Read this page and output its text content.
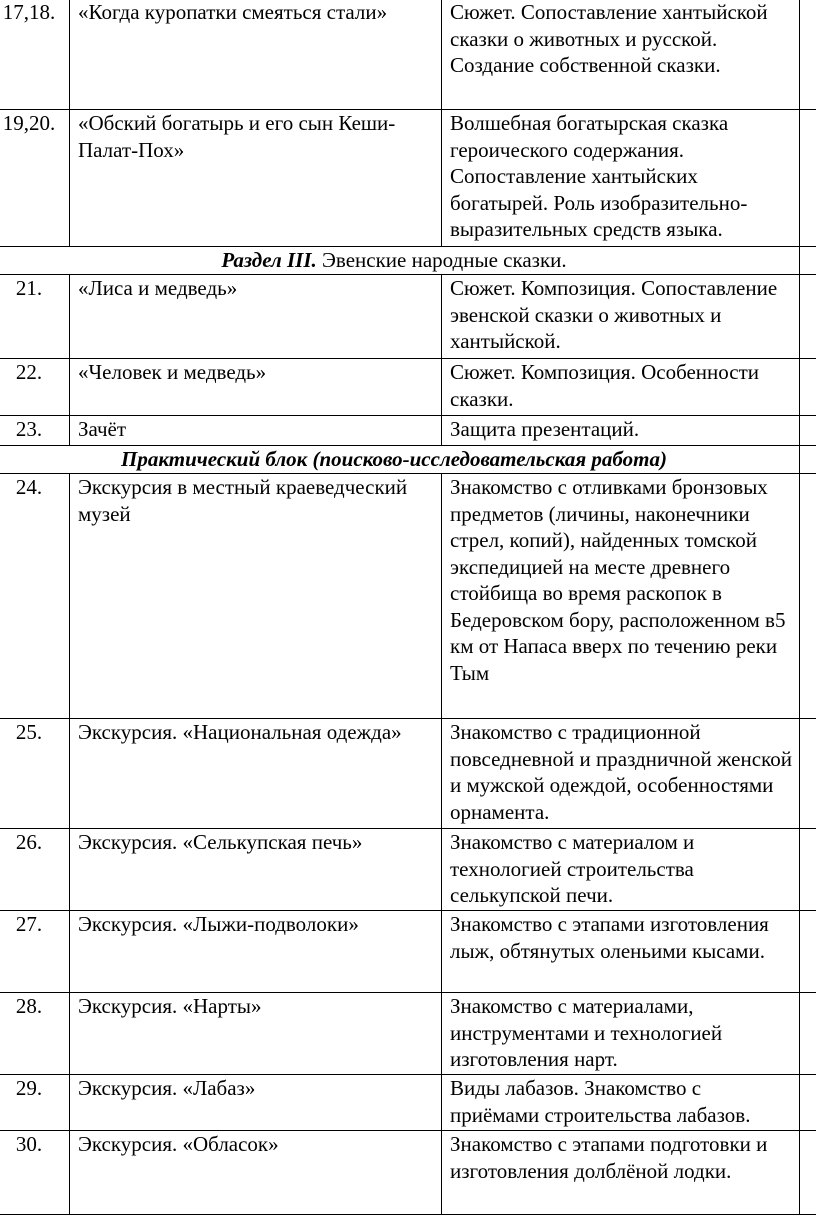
17,18.	«Когда куропатки смеяться стали»	Сюжет. Сопоставление хантыйской сказки о животных и русской. Создание собственной сказки.	
19,20.	«Обский богатырь и его сын Кеши-Палат-Пох»	Волшебная богатырская сказка героического содержания. Сопоставление хантыйских богатырей. Роль изобразительно-выразительных средств языка.	
Раздел III. Эвенские народные сказки.			
21.	«Лиса и медведь»	Сюжет. Композиция. Сопоставление эвенской сказки о животных и хантыйской.	
22.	«Человек и медведь»	Сюжет. Композиция. Особенности сказки.	
23.	Зачёт	Защита презентаций.	
Практический блок (поисково-исследовательская работа)			
24.	Экскурсия в местный краеведческий музей	Знакомство с отливками бронзовых предметов (личины, наконечники стрел, копий), найденных томской экспедицией на месте древнего стойбища во время раскопок в Бедеровском бору, расположенном в5 км от Напаса вверх по течению реки Тым	
25.	Экскурсия. «Национальная одежда»	Знакомство с традиционной повседневной и праздничной женской и мужской одеждой, особенностями орнамента.	
26.	Экскурсия. «Селькупская печь»	Знакомство с материалом и технологией строительства селькупской печи.	
27.	Экскурсия. «Лыжи-подволоки»	Знакомство с этапами изготовления лыж, обтянутых оленьими кысами.	
28.	Экскурсия. «Нарты»	Знакомство с материалами, инструментами и технологией изготовления нарт.	
29.	Экскурсия. «Лабаз»	Виды лабазов. Знакомство с приёмами строительства лабазов.	
30.	Экскурсия. «Обласок»	Знакомство с этапами подготовки и изготовления долблёной лодки.	
